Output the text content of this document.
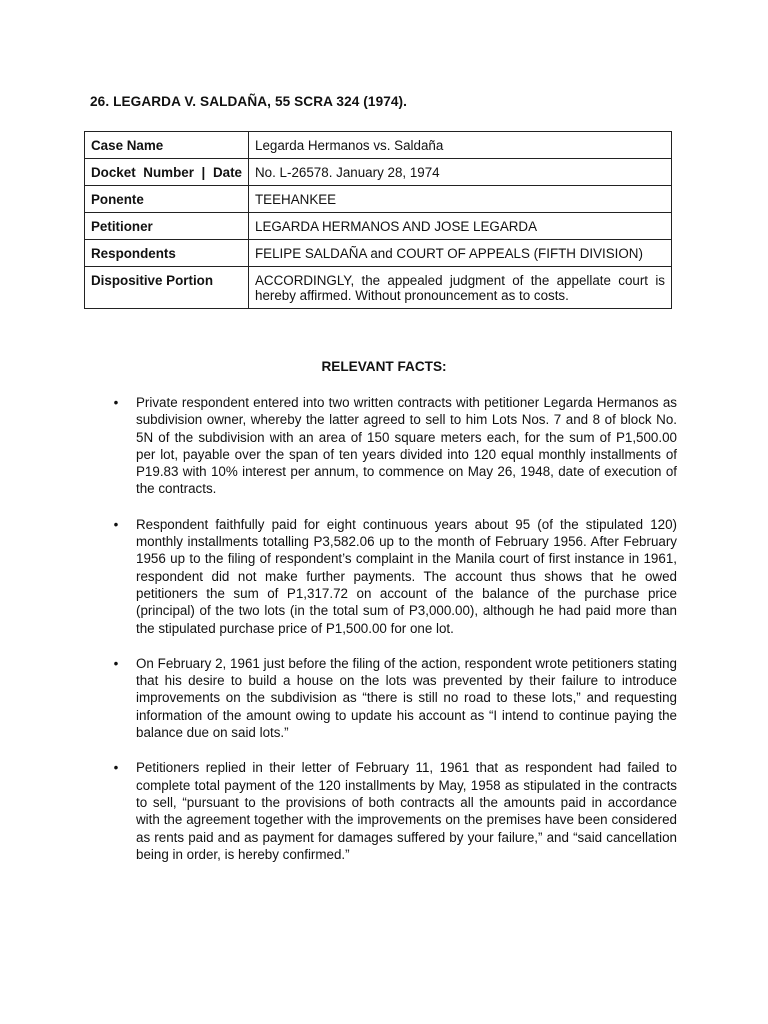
26. LEGARDA V. SALDAÑA, 55 SCRA 324 (1974).
Case Name	Legarda Hermanos vs. Saldaña

Docket Number | Date	No. L-26578. January 28, 1974
Ponente	TEEHANKEE
Petitioner	LEGARDA HERMANOS AND JOSE LEGARDA
Respondents	FELIPE SALDAÑA and COURT OF APPEALS (FIFTH DIVISION)
Dispositive Portion	ACCORDINGLY, the appealed judgment of the appellate court is hereby affirmed. Without pronouncement as to costs.
RELEVANT FACTS:
• Private respondent entered into two written contracts with petitioner Legarda Hermanos as subdivision owner, whereby the latter agreed to sell to him Lots Nos. 7 and 8 of block No. 5N of the subdivision with an area of 150 square meters each, for the sum of P1,500.00 per lot, payable over the span of ten years divided into 120 equal monthly installments of P19.83 with 10% interest per annum, to commence on May 26, 1948, date of execution of the contracts.
• Respondent faithfully paid for eight continuous years about 95 (of the stipulated 120) monthly installments totalling P3,582.06 up to the month of February 1956. After February 1956 up to the filing of respondent’s complaint in the Manila court of first instance in 1961, respondent did not make further payments. The account thus shows that he owed petitioners the sum of P1,317.72 on account of the balance of the purchase price (principal) of the two lots (in the total sum of P3,000.00), although he had paid more than the stipulated purchase price of P1,500.00 for one lot.
• On February 2, 1961 just before the filing of the action, respondent wrote petitioners stating that his desire to build a house on the lots was prevented by their failure to introduce improvements on the subdivision as “there is still no road to these lots,” and requesting information of the amount owing to update his account as “I intend to continue paying the balance due on said lots.”
• Petitioners replied in their letter of February 11, 1961 that as respondent had failed to complete total payment of the 120 installments by May, 1958 as stipulated in the contracts to sell, “pursuant to the provisions of both contracts all the amounts paid in accordance with the agreement together with the improvements on the premises have been considered as rents paid and as payment for damages suffered by your failure,” and “said cancellation being in order, is hereby confirmed.”
